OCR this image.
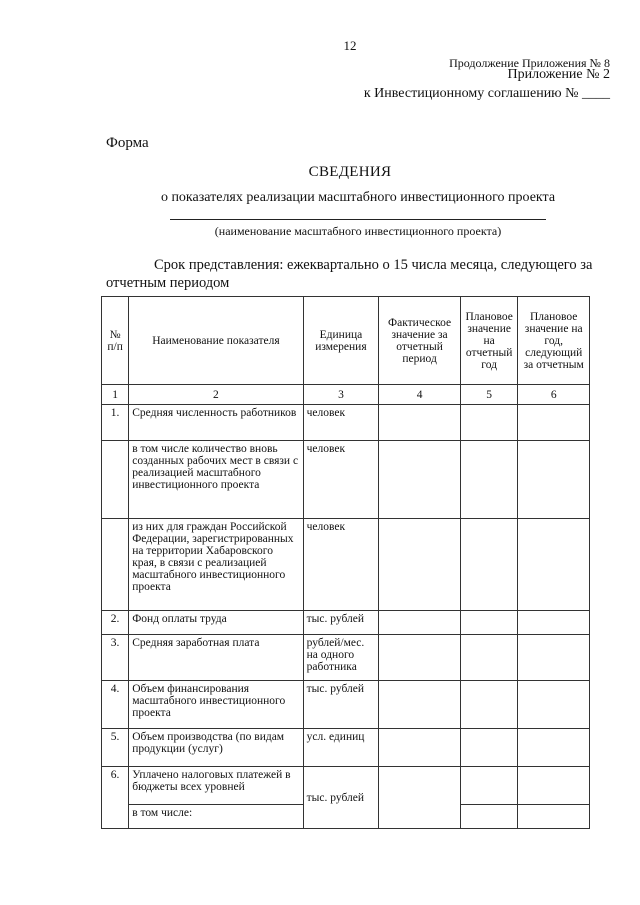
12
Продолжение Приложения № 8
Приложение № 2
к Инвестиционному соглашению № ____
Форма
СВЕДЕНИЯ
о показателях реализации масштабного инвестиционного проекта
(наименование масштабного инвестиционного проекта)
Срок представления: ежеквартально о 15 числа месяца, следующего за отчетным периодом
№ п/п	Наименование показателя	Единица измерения	Фактическое значение за отчетный период	Плановое значение на отчетный год	Плановое значение на год, следующий за отчетным
1	2	3	4	5	6
1.	Средняя численность работников	человек			
	в том числе количество вновь созданных рабочих мест в связи с реализацией масштабного инвестиционного проекта	человек			
	из них для граждан Российской Федерации, зарегистрированных на территории Хабаровского края, в связи с реализацией масштабного инвестиционного проекта	человек			
2.	Фонд оплаты труда	тыс. рублей			
3.	Средняя заработная плата	рублей/мес. на одного работника			
4.	Объем финансирования масштабного инвестиционного проекта	тыс. рублей			
5.	Объем производства (по видам продукции (услуг)	усл. единиц			
6.	Уплачено налоговых платежей в бюджеты всех уровней	тыс. рублей			
	в том числе:				
